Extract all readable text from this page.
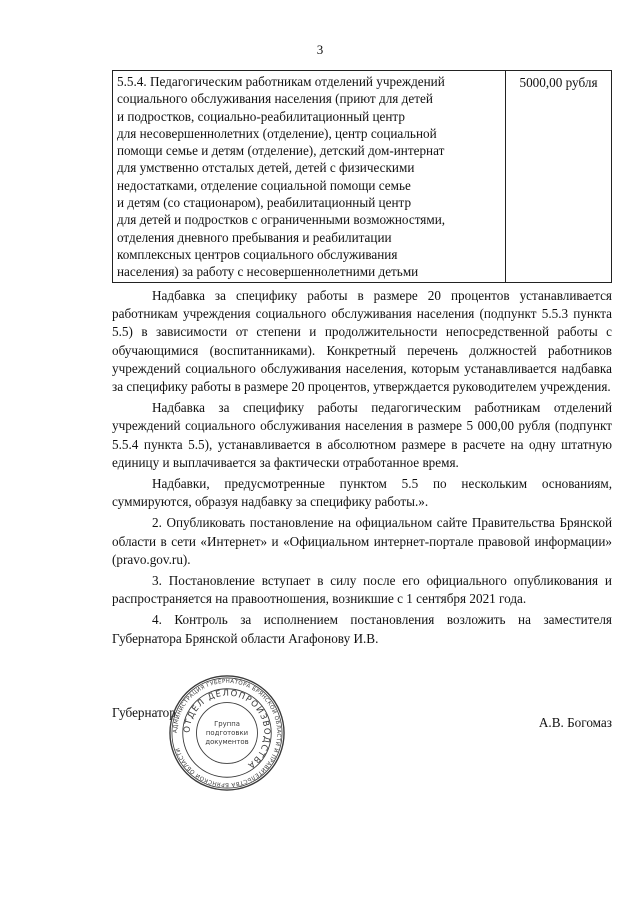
3
5.5.4. Педагогическим работникам отделений учреждений
социального обслуживания населения (приют для детей
и подростков, социально-реабилитационный центр
для несовершеннолетних (отделение), центр социальной
помощи семье и детям (отделение), детский дом-интернат
для умственно отсталых детей, детей с физическими
недостатками, отделение социальной помощи семье
и детям (со стационаром), реабилитационный центр
для детей и подростков с ограниченными возможностями,
отделения дневного пребывания и реабилитации
комплексных центров социального обслуживания
населения) за работу с несовершеннолетними детьми
	5000,00 рубля

Надбавка за специфику работы в размере 20 процентов устанавливается работникам учреждения социального обслуживания населения (подпункт 5.5.3 пункта 5.5) в зависимости от степени и продолжительности непосредственной работы с обучающимися (воспитанниками). Конкретный перечень должностей работников учреждений социального обслуживания населения, которым устанавливается надбавка за специфику работы в размере 20 процентов, утверждается руководителем учреждения.

Надбавка за специфику работы педагогическим работникам отделений учреждений социального обслуживания населения в размере 5 000,00 рубля (подпункт 5.5.4 пункта 5.5), устанавливается в абсолютном размере в расчете на одну штатную единицу и выплачивается за фактически отработанное время.

Надбавки, предусмотренные пунктом 5.5 по нескольким основаниям, суммируются, образуя надбавку за специфику работы.».

2. Опубликовать постановление на официальном сайте Правительства Брянской области в сети «Интернет» и «Официальном интернет-портале правовой информации» (pravo.gov.ru).

3. Постановление вступает в силу после его официального опубликования и распространяется на правоотношения, возникшие с 1 сентября 2021 года.

4. Контроль за исполнением постановления возложить на заместителя Губернатора Брянской области Агафонову И.В.

Губернатор
А.В. Богомаз
АДМИНИСТРАЦИЯ ГУБЕРНАТОРА БРЯНСКОЙ ОБЛАСТИ И ПРАВИТЕЛЬСТВА БРЯНСКОЙ ОБЛАСТИ
ОТДЕЛ ДЕЛОПРОИЗВОДСТВА
Группа
подготовки
документов
